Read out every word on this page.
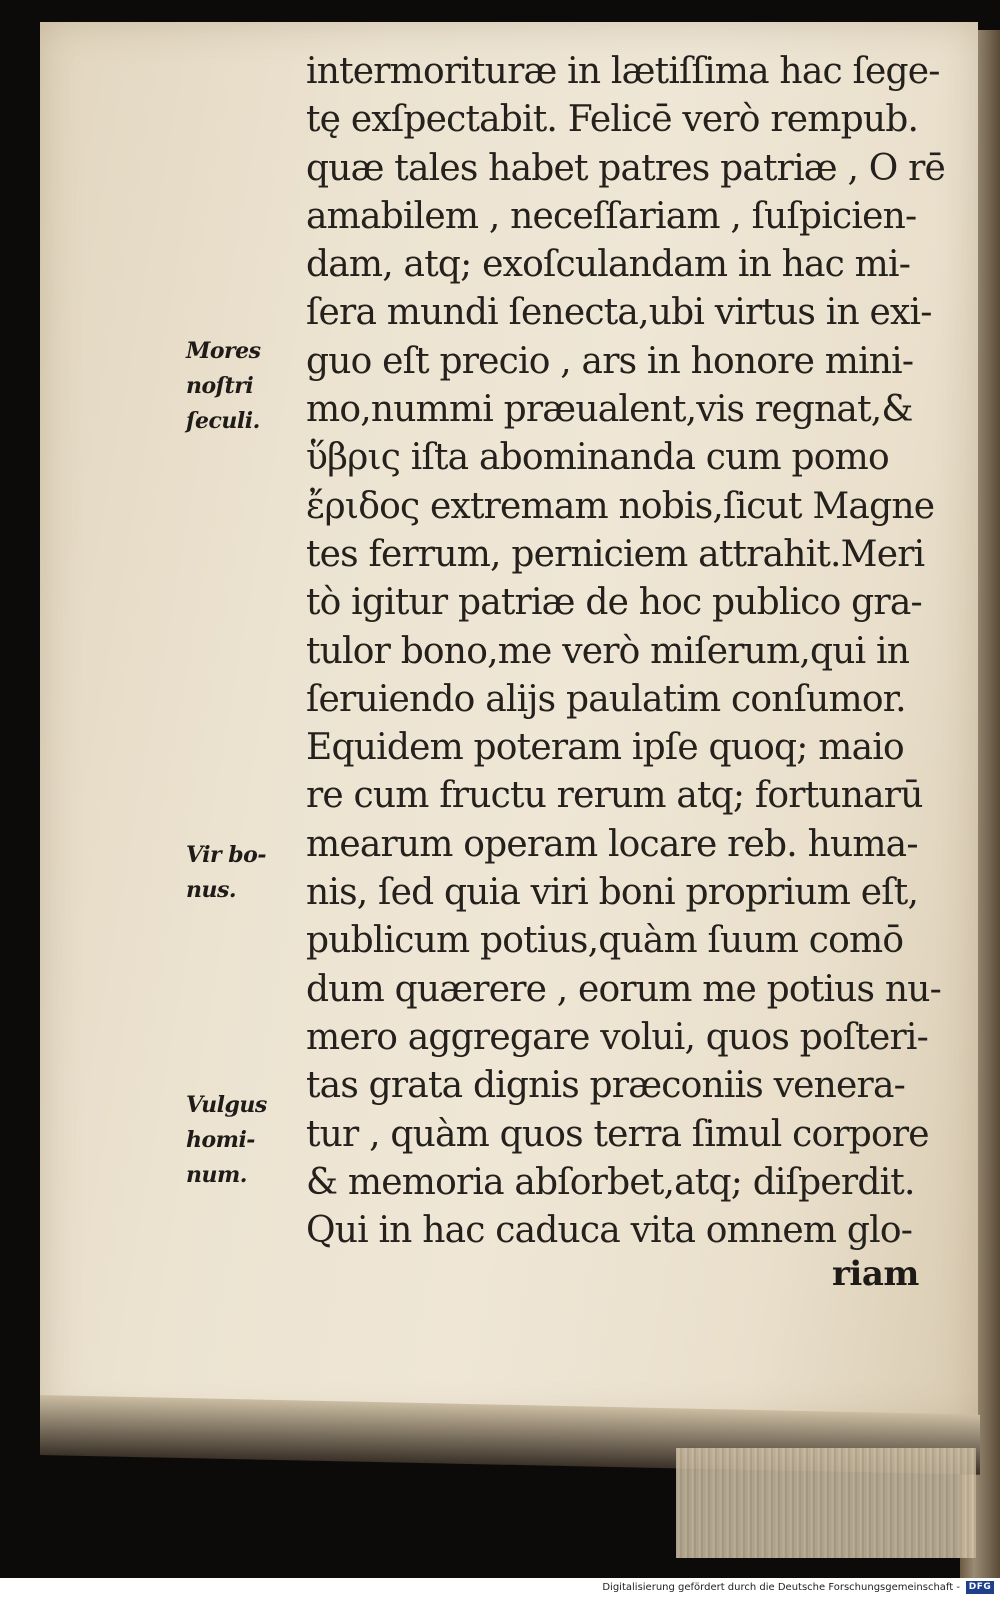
intermorituræ in lætiſſima hac ſege-
tę exſpectabit. Felicē verò rempub.
quæ tales habet patres patriæ , O rē
amabilem , neceſſariam , ſuſpicien-
dam, atq; exoſculandam in hac mi-
ſera mundi ſenecta,ubi virtus in exi-
guo eſt precio , ars in honore mini-
mo,nummi præualent,vis regnat,&
ὕβρις iſta abominanda cum pomo
ἔριδος extremam nobis,ſicut Magne
tes ferrum, perniciem attrahit.Meri
tò igitur patriæ de hoc publico gra-
tulor bono,me verò miſerum,qui in
ſeruiendo alijs paulatim conſumor.
Equidem poteram ipſe quoq; maio
re cum fructu rerum atq; fortunarū
mearum operam locare reb. huma-
nis, ſed quia viri boni proprium eſt,
publicum potius,quàm ſuum comō
dum quærere , eorum me potius nu-
mero aggregare volui, quos poſteri-
tas grata dignis præconiis venera-
tur , quàm quos terra ſimul corpore
& memoria abſorbet,atq; diſperdit.
Qui in hac caduca vita omnem glo-
riam
Mores
noſtri
ſeculi.
Vir bo-
nus.
Vulgus
homi-
num.
Digitalisierung gefördert durch die Deutsche Forschungsgemeinschaft - DFG
